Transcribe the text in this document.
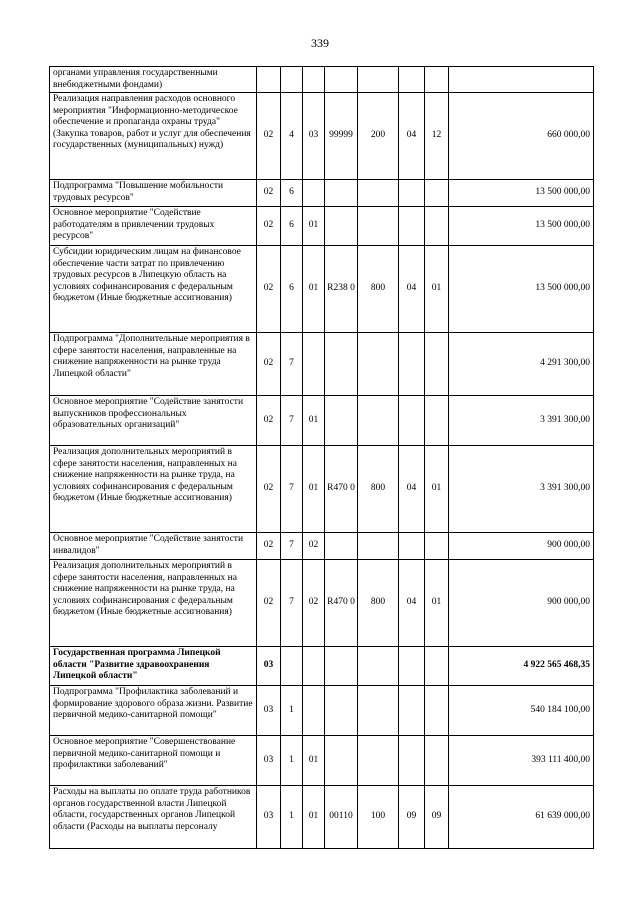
339
органами управления государственными внебюджетными фондами)								
Реализация направления расходов основного мероприятия "Информационно-методическое обеспечение и пропаганда охраны труда" (Закупка товаров, работ и услуг для обеспечения государственных (муниципальных) нужд)	02	4	03	99999	200	04	12	660 000,00
Подпрограмма "Повышение мобильности трудовых ресурсов"	02	6						13 500 000,00
Основное мероприятие "Содействие работодателям в привлечении трудовых ресурсов"	02	6	01					13 500 000,00
Субсидии юридическим лицам на финансовое обеспечение части затрат по привлечению трудовых ресурсов в Липецкую область на условиях софинансирования с федеральным бюджетом (Иные бюджетные ассигнования)	02	6	01	R238 0	800	04	01	13 500 000,00
Подпрограмма "Дополнительные мероприятия в сфере занятости населения, направленные на снижение напряженности на рынке труда Липецкой области"	02	7						4 291 300,00
Основное мероприятие "Содействие занятости выпускников профессиональных образовательных организаций"	02	7	01					3 391 300,00
Реализация дополнительных мероприятий в сфере занятости населения, направленных на снижение напряженности на рынке труда, на условиях софинансирования с федеральным бюджетом (Иные бюджетные ассигнования)	02	7	01	R470 0	800	04	01	3 391 300,00
Основное мероприятие "Содействие занятости инвалидов"	02	7	02					900 000,00
Реализация дополнительных мероприятий в сфере занятости населения, направленных на снижение напряженности на рынке труда, на условиях софинансирования с федеральным бюджетом (Иные бюджетные ассигнования)	02	7	02	R470 0	800	04	01	900 000,00
Государственная программа Липецкой области "Развитие здравоохранения Липецкой области"	03							4 922 565 468,35
Подпрограмма "Профилактика заболеваний и формирование здорового образа жизни. Развитие первичной медико-санитарной помощи"	03	1						540 184 100,00
Основное мероприятие "Совершенствование первичной медико-санитарной помощи и профилактики заболеваний"	03	1	01					393 111 400,00
Расходы на выплаты по оплате труда работников органов государственной власти Липецкой области, государственных органов Липецкой области (Расходы на выплаты персоналу	03	1	01	00110	100	09	09	61 639 000,00
